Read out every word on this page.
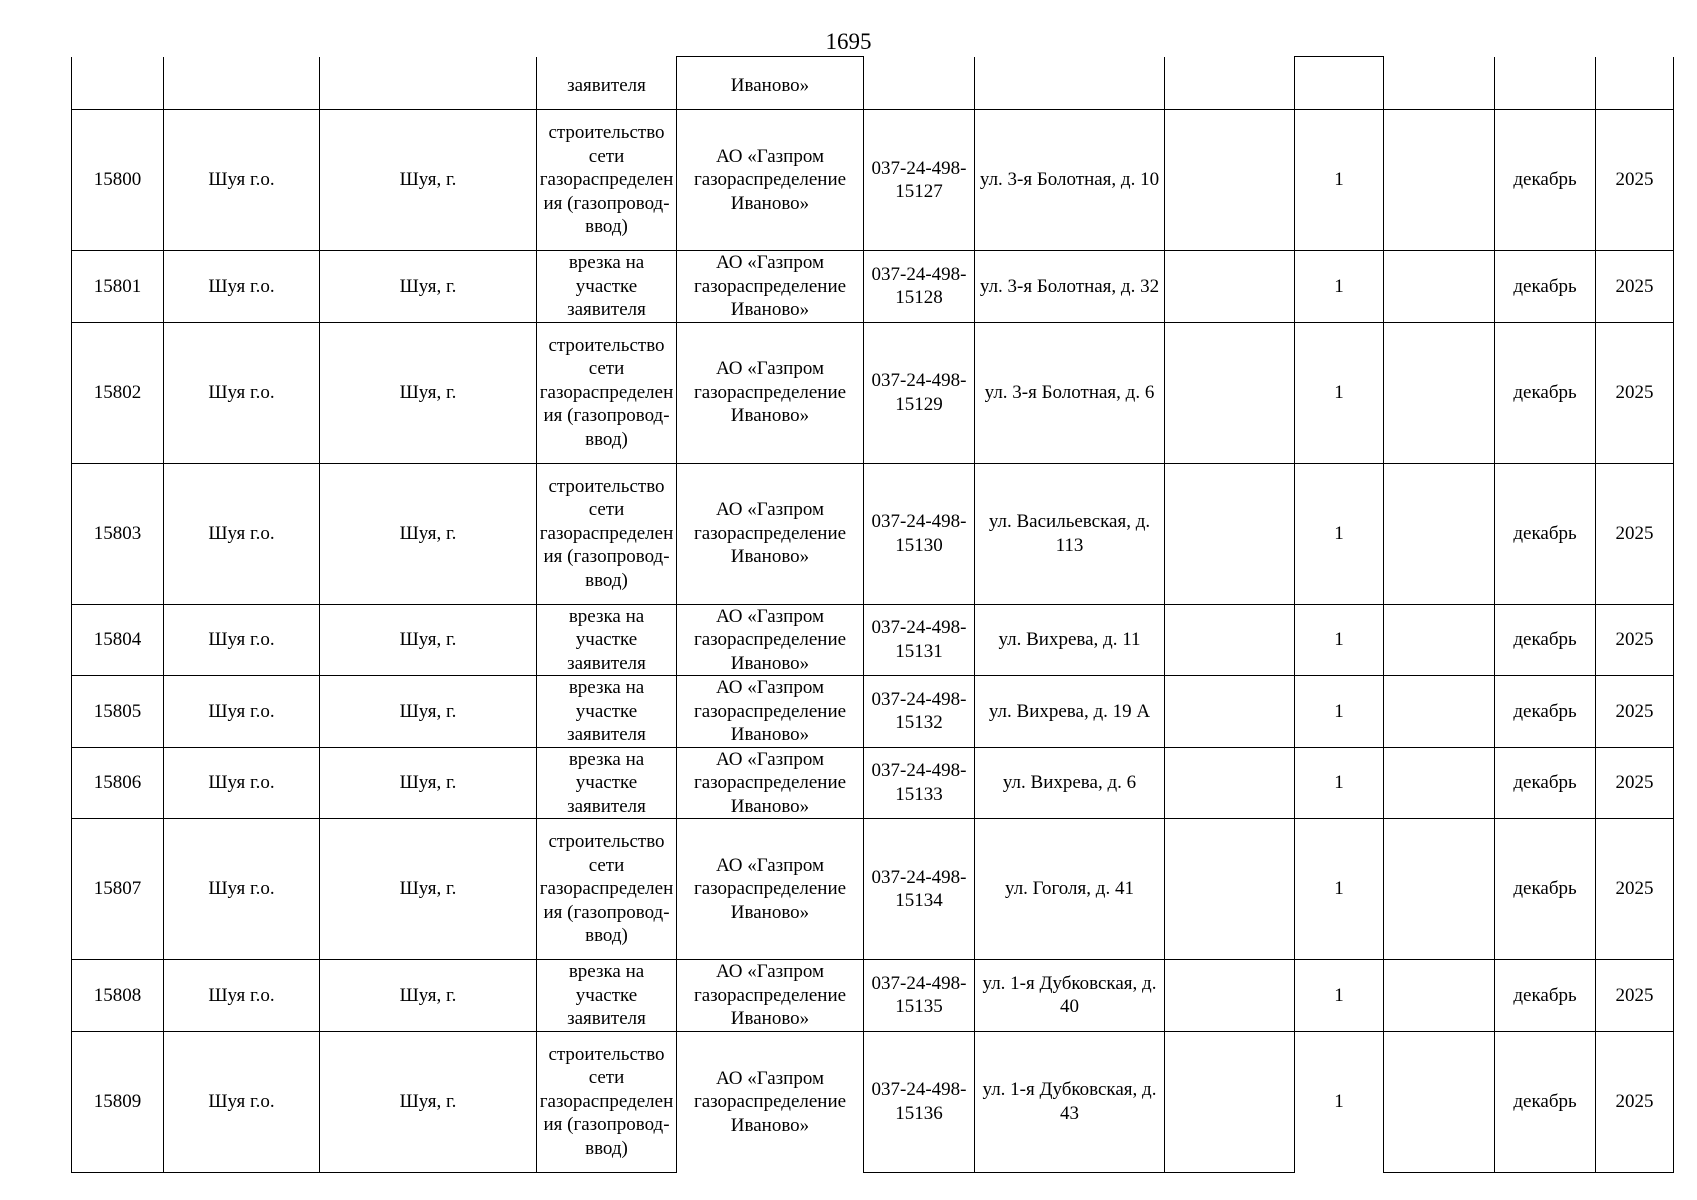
1695
			заявителя	Иваново»							
15800	Шуя г.о.	Шуя, г.	строительство сети газораспределения (газопровод-ввод)	АО «Газпром газораспределение Иваново»	037-24-498-15127	ул. 3-я Болотная, д. 10		1		декабрь	2025
15801	Шуя г.о.	Шуя, г.	врезка на участке заявителя	АО «Газпром газораспределение Иваново»	037-24-498-15128	ул. 3-я Болотная, д. 32		1		декабрь	2025
15802	Шуя г.о.	Шуя, г.	строительство сети газораспределения (газопровод-ввод)	АО «Газпром газораспределение Иваново»	037-24-498-15129	ул. 3-я Болотная, д. 6		1		декабрь	2025
15803	Шуя г.о.	Шуя, г.	строительство сети газораспределения (газопровод-ввод)	АО «Газпром газораспределение Иваново»	037-24-498-15130	ул. Васильевская, д. 113		1		декабрь	2025
15804	Шуя г.о.	Шуя, г.	врезка на участке заявителя	АО «Газпром газораспределение Иваново»	037-24-498-15131	ул. Вихрева, д. 11		1		декабрь	2025
15805	Шуя г.о.	Шуя, г.	врезка на участке заявителя	АО «Газпром газораспределение Иваново»	037-24-498-15132	ул. Вихрева, д. 19 А		1		декабрь	2025
15806	Шуя г.о.	Шуя, г.	врезка на участке заявителя	АО «Газпром газораспределение Иваново»	037-24-498-15133	ул. Вихрева, д. 6		1		декабрь	2025
15807	Шуя г.о.	Шуя, г.	строительство сети газораспределения (газопровод-ввод)	АО «Газпром газораспределение Иваново»	037-24-498-15134	ул. Гоголя, д. 41		1		декабрь	2025
15808	Шуя г.о.	Шуя, г.	врезка на участке заявителя	АО «Газпром газораспределение Иваново»	037-24-498-15135	ул. 1-я Дубковская, д. 40		1		декабрь	2025
15809	Шуя г.о.	Шуя, г.	строительство сети газораспределения (газопровод-ввод)	АО «Газпром газораспределение Иваново»	037-24-498-15136	ул. 1-я Дубковская, д. 43		1		декабрь	2025
